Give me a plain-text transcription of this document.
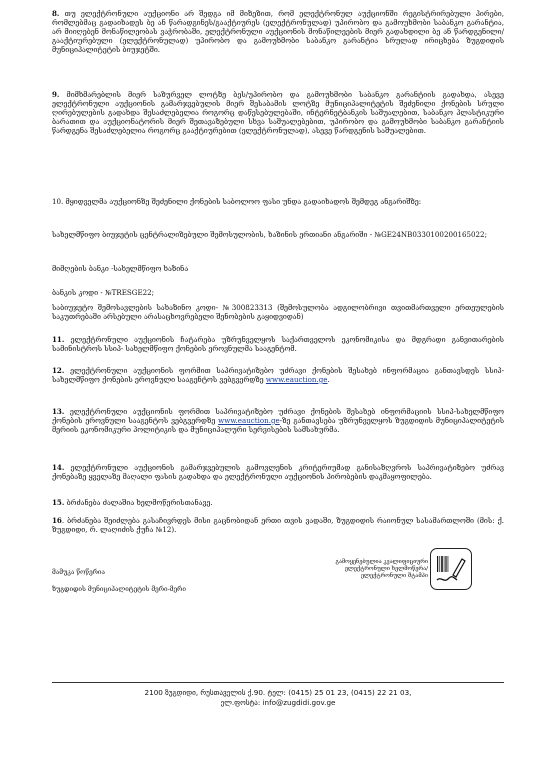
8. თუ ელექტრონული აუქციონი არ შედგა იმ მიზეზით, რომ ელექტრონულ აუქციონში რეგისტრირებული პირები, რომლებმაც გადაიხადეს ბე ან წარადგინეს/გააქტიურეს (ელექტრონულად) უპირობო და გამოუხმობი საბანკო გარანტია, არ მიიღებენ მონაწილეობას ვაჭრობაში, ელექტრონული აუქციონის მონაწილეების მიერ გადახდილი ბე ან წარდგენილი/ გააქტიურებული (ელექტრონულად) უპირობო და გამოუხმობი საბანკო გარანტია სრულად ირიცხება ზუგდიდის მუნიციპალიტეტის ბიუჯეტში.

9. მიმხმარებლის მიერ საზურველ ლოტზე ბეს/უპირობო და გამოუხმობი საბანკო გარანტიის გადახდა, ასევე ელექტრონული აუქციონის გამარჯვებულის მიერ შესაბამის ლოტზე მუნიციპალიტეტის შეძენილი ქონების სრული ღირებულების გადახდა შესაძლებელია როგორც დაწესებულებაში, ინტერნეტბანკის საშუალებით, საბანკო პლასტიკური ბარათით და აუქციონატორის მიერ შეთავაზებული სხვა საშუალებებით, უპირობო და გამოუხმობი საბანკო გარანტიის წარდგენა შესაძლებელია როგორც გააქტიურებით (ელექტრონულად), ასევე წარდგენის საშუალებით.

10. მყიდველმა აუქციონზე შეძენილი ქონების საბოლოო ფასი უნდა გადაიხადოს შემდეგ ანგარიშზე:

სახელმწიფო ბიუჯეტის ცენტრალიზებული შემოსულობის, ხაზინის ერთიანი ანგარიში - №GE24NB0330100200165022;

მიმღების ბანკი -სახელმწიფო ხაზინა

ბანკის კოდი - №TRESGE22;

საბიუჯეტო შემოსავლების სახაზინო კოდი- №300823313 (შემოსულობა ადგილობრივი თვითმართველი ერთეულების საკუთრებაში არსებული არასაცხოვრებელი შენობების გაყიდვიდან)

11. ელექტრონული აუქციონის ჩატარება უზრუნველყოს საქართველოს ეკონომიკისა და მდგრადი განვითარების სამინისტროს სსიპ- სახელმწიფო ქონების ეროვნულმა სააგენტომ.

12. ელექტრონული აუქციონის ფორმით საპრივატიზებო უძრავი ქონების შესახებ ინფორმაცია განთავსდეს სსიპ-სახელმწიფო ქონების ეროვნული სააგენტოს ვებგვერდზე www.eauction.ge.

13. ელექტრონული აუქციონის ფორმით საპრივატიზებო უძრავი ქონების შესახებ ინფორმაციის სსიპ-სახელმწიფო ქონების ეროვნული სააგენტოს ვებგვერდზე www.eauction.ge-ზე განთავსება უზრუნველყოს ზუგდიდის მუნიციპალიტეტის მერიის ეკონომიკური პოლიტიკის და მუნიციპალური სერვისების სამსახურმა.

14. ელექტრონული აუქციონის გამარჯვებულის გამოვლენის კრიტერიუმად განისაზღვროს საპრივატიზებო უძრავ ქონებაზე ყველაზე მაღალი ფასის გადახდა და ელექტრონული აუქციონის პირობების დაკმაყოფილება.

15. ბრძანება ძალაშია ხელმოწერისთანავე.

16. ბრძანება შეიძლება გასაჩივრდეს მისი გაცნობიდან ერთი თვის ვადაში, ზუგდიდის რაიონულ სასამართლოში (მის: ქ. ზუგდიდი, რ. ლაღიძის ქუჩა №12).

მამუკა წოწერია
ზუგდიდის მუნიციპალიტეტის მერი-მერი
გამოყენებულია კვალიფიციური ელექტრონული ხელმოწერა/ ელექტრონული შტამპი
2100 ზუგდიდი, რუსთაველის ქ.90. ტელ: (0415) 25 01 23, (0415) 22 21 03,
ელ.ფოსტა: info@zugdidi.gov.ge
